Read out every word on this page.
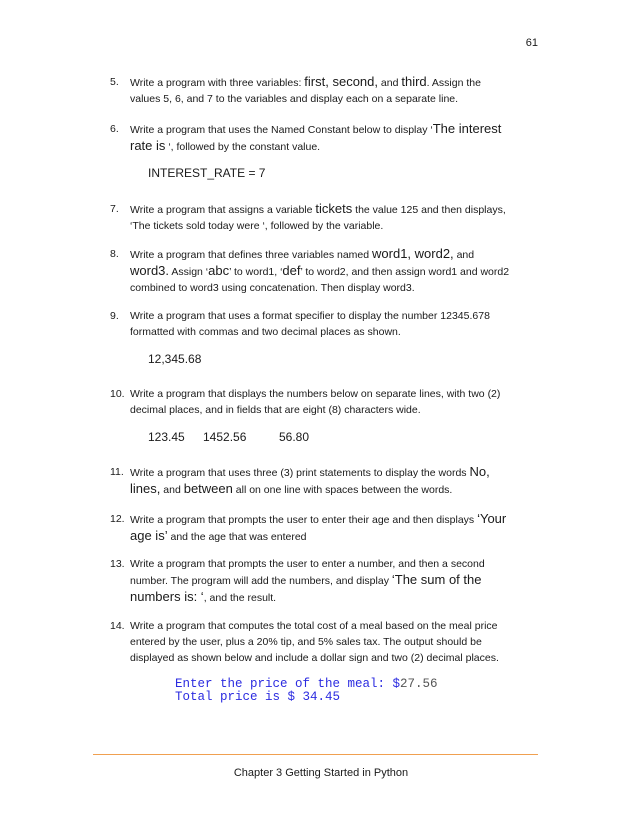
61
5. Write a program with three variables: first, second, and third. Assign the values 5, 6, and 7 to the variables and display each on a separate line.
6. Write a program that uses the Named Constant below to display ‘The interest rate is ‘, followed by the constant value.
INTEREST_RATE = 7
7. Write a program that assigns a variable tickets the value 125 and then displays, ‘The tickets sold today were ‘, followed by the variable.
8. Write a program that defines three variables named word1, word2, and word3. Assign ‘abc’ to word1, ‘def’ to word2, and then assign word1 and word2 combined to word3 using concatenation. Then display word3.
9. Write a program that uses a format specifier to display the number 12345.678 formatted with commas and two decimal places as shown.
12,345.68
10. Write a program that displays the numbers below on separate lines, with two (2) decimal places, and in fields that are eight (8) characters wide.
123.45 1452.56	56.80
11. Write a program that uses three (3) print statements to display the words No, lines, and between all on one line with spaces between the words.
12. Write a program that prompts the user to enter their age and then displays ‘Your age is’ and the age that was entered
13. Write a program that prompts the user to enter a number, and then a second number. The program will add the numbers, and display ‘The sum of the numbers is: ‘, and the result.
14. Write a program that computes the total cost of a meal based on the meal price entered by the user, plus a 20% tip, and 5% sales tax. The output should be displayed as shown below and include a dollar sign and two (2) decimal places.
Enter the price of the meal: $27.56
Total price is $ 34.45
Chapter 3 Getting Started in Python
